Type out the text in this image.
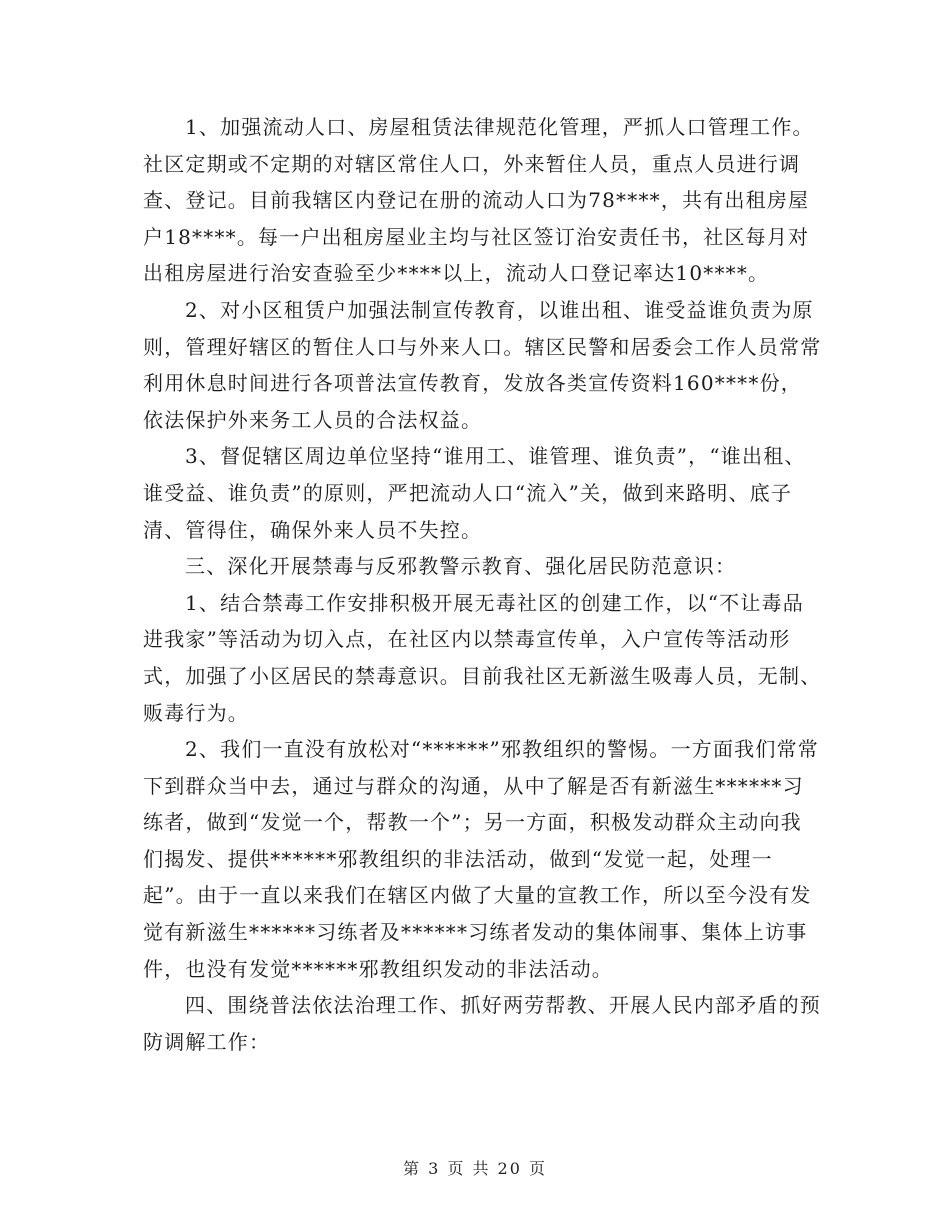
1、加强流动人口、房屋租赁法律规范化管理，严抓人口管理工作。社区定期或不定期的对辖区常住人口，外来暂住人员，重点人员进行调查、登记。目前我辖区内登记在册的流动人口为78****，共有出租房屋户18****。每一户出租房屋业主均与社区签订治安责任书，社区每月对出租房屋进行治安查验至少****以上，流动人口登记率达10****。

2、对小区租赁户加强法制宣传教育，以谁出租、谁受益谁负责为原则，管理好辖区的暂住人口与外来人口。辖区民警和居委会工作人员常常利用休息时间进行各项普法宣传教育，发放各类宣传资料160****份，依法保护外来务工人员的合法权益。

3、督促辖区周边单位坚持“谁用工、谁管理、谁负责”，“谁出租、谁受益、谁负责”的原则，严把流动人口“流入”关，做到来路明、底子清、管得住，确保外来人员不失控。

三、深化开展禁毒与反邪教警示教育、强化居民防范意识：

1、结合禁毒工作安排积极开展无毒社区的创建工作，以“不让毒品进我家”等活动为切入点，在社区内以禁毒宣传单，入户宣传等活动形式，加强了小区居民的禁毒意识。目前我社区无新滋生吸毒人员，无制、贩毒行为。

2、我们一直没有放松对“******”邪教组织的警惕。一方面我们常常下到群众当中去，通过与群众的沟通，从中了解是否有新滋生******习练者，做到“发觉一个，帮教一个”；另一方面，积极发动群众主动向我们揭发、提供******邪教组织的非法活动，做到“发觉一起，处理一起”。由于一直以来我们在辖区内做了大量的宣教工作，所以至今没有发觉有新滋生******习练者及******习练者发动的集体闹事、集体上访事件，也没有发觉******邪教组织发动的非法活动。

四、围绕普法依法治理工作、抓好两劳帮教、开展人民内部矛盾的预防调解工作：

第 3 页 共 20 页
